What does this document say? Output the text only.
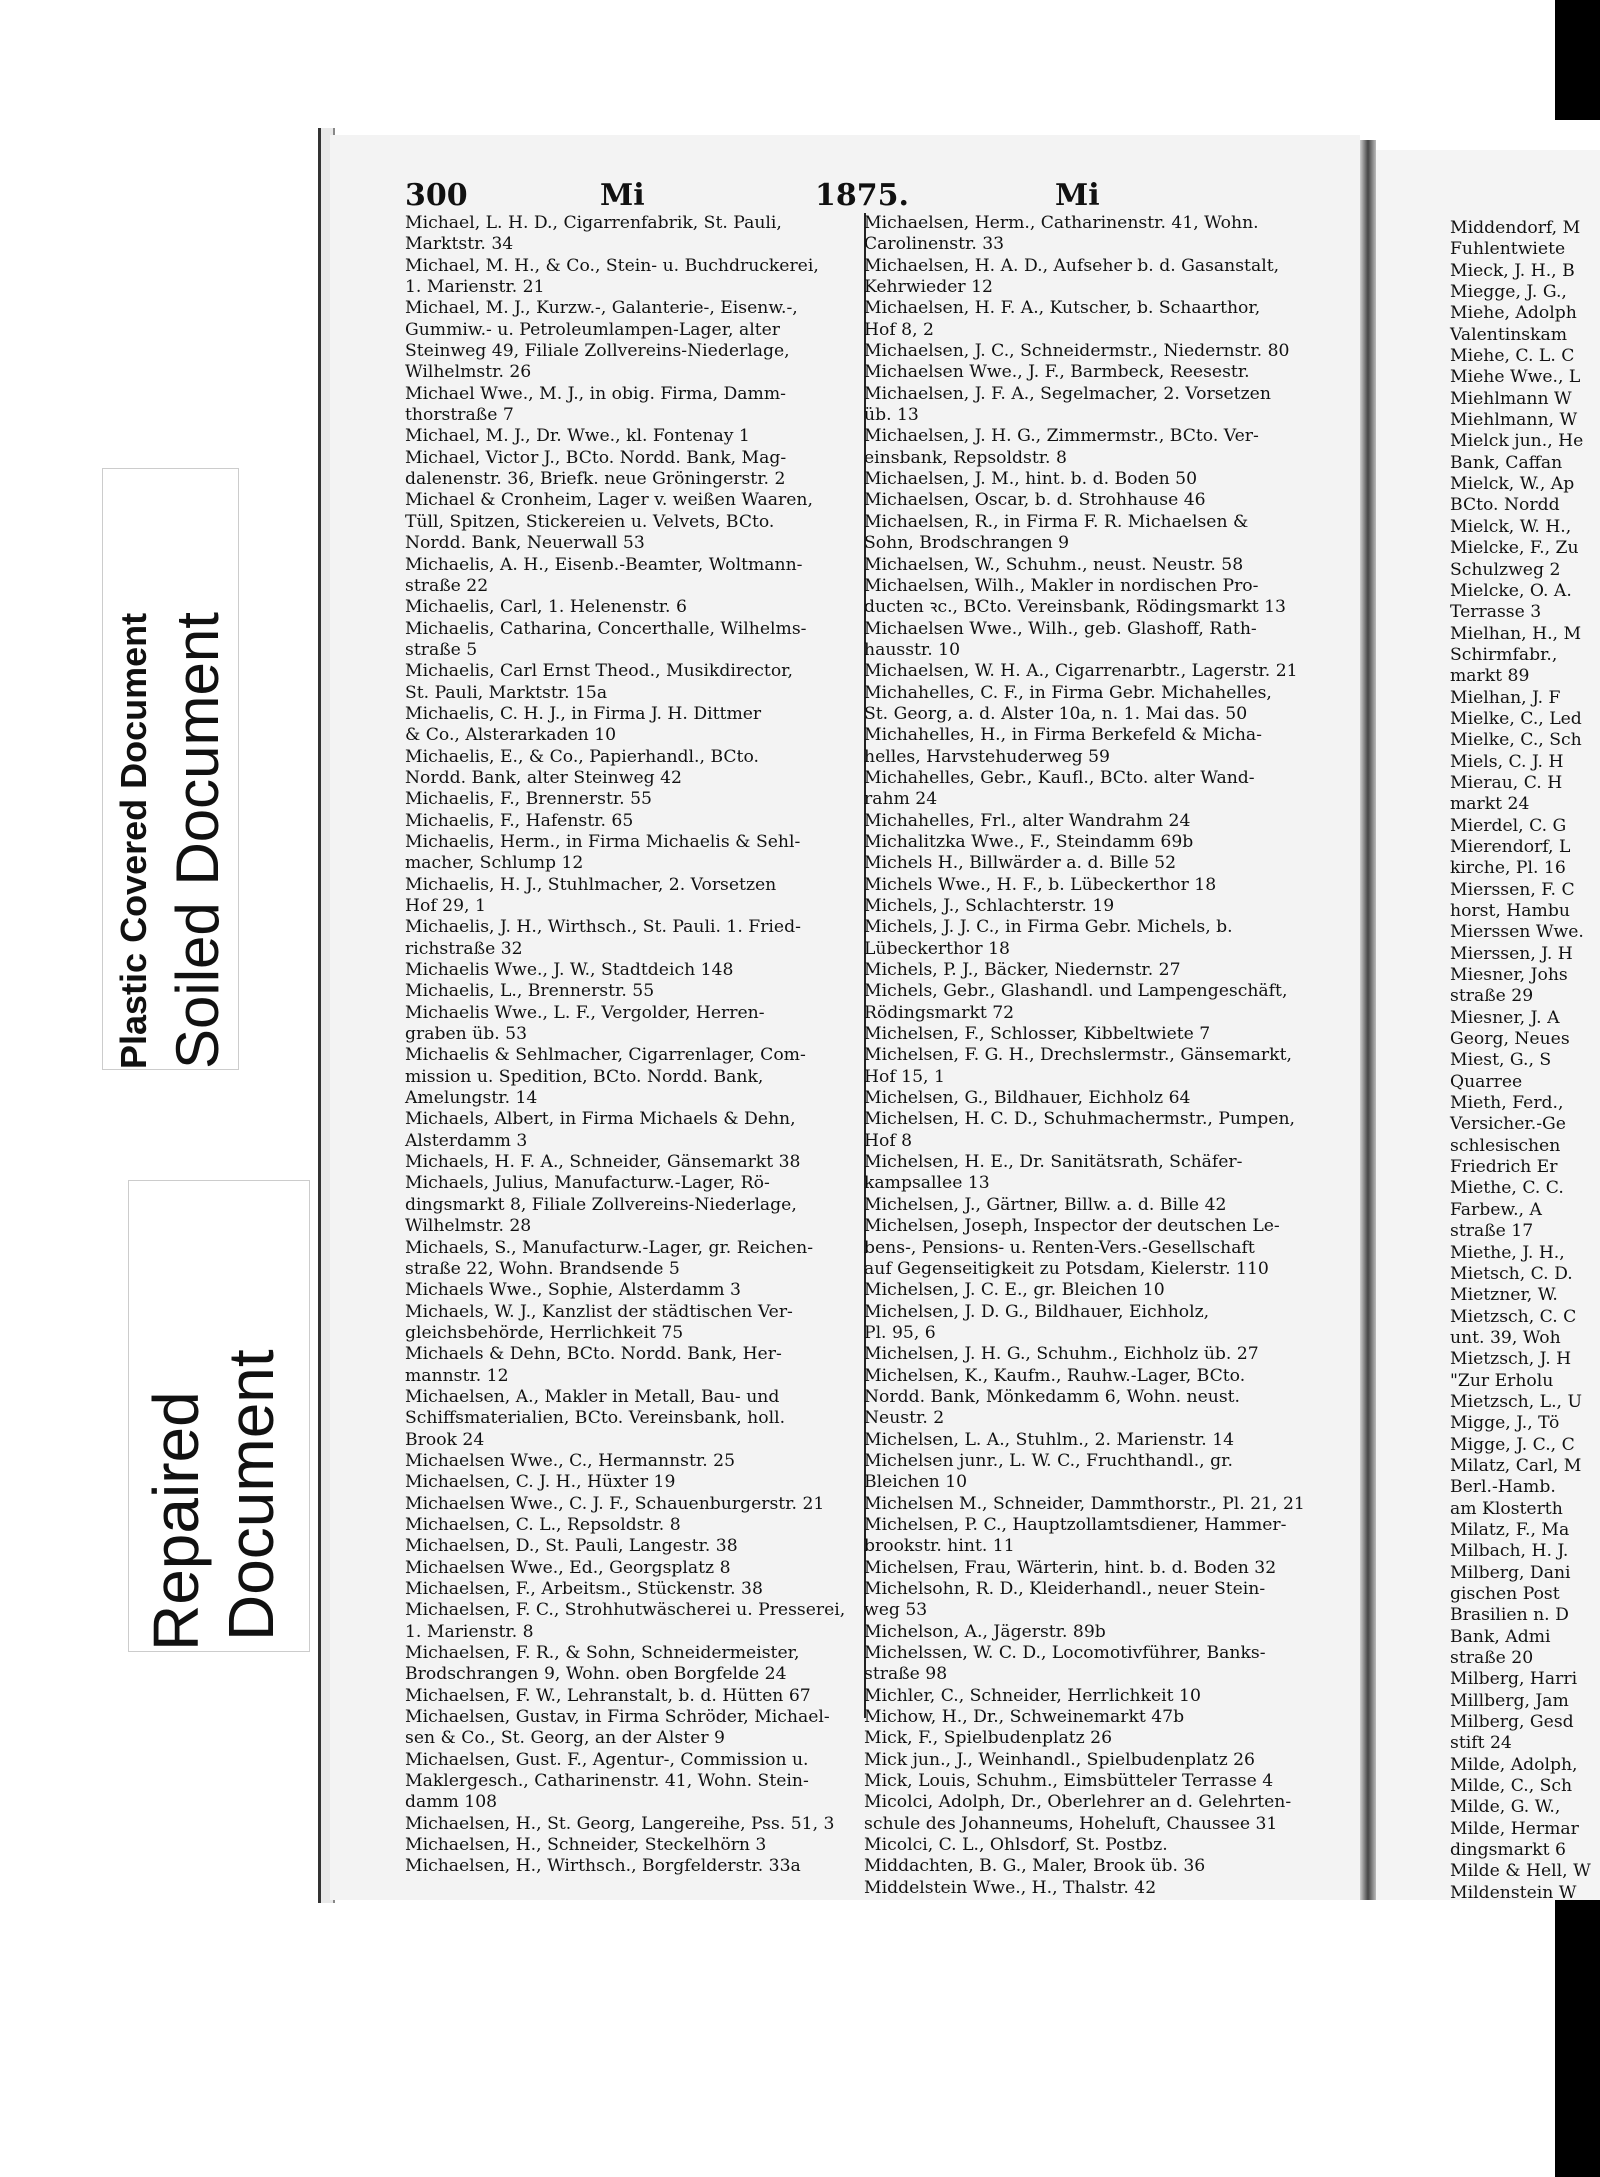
300	Mi	1875.	Mi
Michael, L. H. D., Cigarrenfabrik, St. Pauli,
Marktstr. 34
Michael, M. H., & Co., Stein- u. Buchdruckerei,
1. Marienstr. 21
Michael, M. J., Kurzw.-, Galanterie-, Eisenw.-,
Gummiw.- u. Petroleumlampen-Lager, alter
Steinweg 49, Filiale Zollvereins-Niederlage,
Wilhelmstr. 26
Michael Wwe., M. J., in obig. Firma, Damm-
thorstraße 7
Michael, M. J., Dr. Wwe., kl. Fontenay 1
Michael, Victor J., BCto. Nordd. Bank, Mag-
dalenenstr. 36, Briefk. neue Gröningerstr. 2
Michael & Cronheim, Lager v. weißen Waaren,
Tüll, Spitzen, Stickereien u. Velvets, BCto.
Nordd. Bank, Neuerwall 53
Michaelis, A. H., Eisenb.-Beamter, Woltmann-
straße 22
Michaelis, Carl, 1. Helenenstr. 6
Michaelis, Catharina, Concerthalle, Wilhelms-
straße 5
Michaelis, Carl Ernst Theod., Musikdirector,
St. Pauli, Marktstr. 15a
Michaelis, C. H. J., in Firma J. H. Dittmer
& Co., Alsterarkaden 10
Michaelis, E., & Co., Papierhandl., BCto.
Nordd. Bank, alter Steinweg 42
Michaelis, F., Brennerstr. 55
Michaelis, F., Hafenstr. 65
Michaelis, Herm., in Firma Michaelis & Sehl-
macher, Schlump 12
Michaelis, H. J., Stuhlmacher, 2. Vorsetzen
Hof 29, 1
Michaelis, J. H., Wirthsch., St. Pauli. 1. Fried-
richstraße 32
Michaelis Wwe., J. W., Stadtdeich 148
Michaelis, L., Brennerstr. 55
Michaelis Wwe., L. F., Vergolder, Herren-
graben üb. 53
Michaelis & Sehlmacher, Cigarrenlager, Com-
mission u. Spedition, BCto. Nordd. Bank,
Amelungstr. 14
Michaels, Albert, in Firma Michaels & Dehn,
Alsterdamm 3
Michaels, H. F. A., Schneider, Gänsemarkt 38
Michaels, Julius, Manufacturw.-Lager, Rö-
dingsmarkt 8, Filiale Zollvereins-Niederlage,
Wilhelmstr. 28
Michaels, S., Manufacturw.-Lager, gr. Reichen-
straße 22, Wohn. Brandsende 5
Michaels Wwe., Sophie, Alsterdamm 3
Michaels, W. J., Kanzlist der städtischen Ver-
gleichsbehörde, Herrlichkeit 75
Michaels & Dehn, BCto. Nordd. Bank, Her-
mannstr. 12
Michaelsen, A., Makler in Metall, Bau- und
Schiffsmaterialien, BCto. Vereinsbank, holl.
Brook 24
Michaelsen Wwe., C., Hermannstr. 25
Michaelsen, C. J. H., Hüxter 19
Michaelsen Wwe., C. J. F., Schauenburgerstr. 21
Michaelsen, C. L., Repsoldstr. 8
Michaelsen, D., St. Pauli, Langestr. 38
Michaelsen Wwe., Ed., Georgsplatz 8
Michaelsen, F., Arbeitsm., Stückenstr. 38
Michaelsen, F. C., Strohhutwäscherei u. Presserei,
1. Marienstr. 8
Michaelsen, F. R., & Sohn, Schneidermeister,
Brodschrangen 9, Wohn. oben Borgfelde 24
Michaelsen, F. W., Lehranstalt, b. d. Hütten 67
Michaelsen, Gustav, in Firma Schröder, Michael-
sen & Co., St. Georg, an der Alster 9
Michaelsen, Gust. F., Agentur-, Commission u.
Maklergesch., Catharinenstr. 41, Wohn. Stein-
damm 108
Michaelsen, H., St. Georg, Langereihe, Pss. 51, 3
Michaelsen, H., Schneider, Steckelhörn 3
Michaelsen, H., Wirthsch., Borgfelderstr. 33a
Michaelsen, Herm., Catharinenstr. 41, Wohn.
Carolinenstr. 33
Michaelsen, H. A. D., Aufseher b. d. Gasanstalt,
Kehrwieder 12
Michaelsen, H. F. A., Kutscher, b. Schaarthor,
Hof 8, 2
Michaelsen, J. C., Schneidermstr., Niedernstr. 80
Michaelsen Wwe., J. F., Barmbeck, Reesestr.
Michaelsen, J. F. A., Segelmacher, 2. Vorsetzen
üb. 13
Michaelsen, J. H. G., Zimmermstr., BCto. Ver-
einsbank, Repsoldstr. 8
Michaelsen, J. M., hint. b. d. Boden 50
Michaelsen, Oscar, b. d. Strohhause 46
Michaelsen, R., in Firma F. R. Michaelsen &
Sohn, Brodschrangen 9
Michaelsen, W., Schuhm., neust. Neustr. 58
Michaelsen, Wilh., Makler in nordischen Pro-
ducten ꝛc., BCto. Vereinsbank, Rödingsmarkt 13
Michaelsen Wwe., Wilh., geb. Glashoff, Rath-
hausstr. 10
Michaelsen, W. H. A., Cigarrenarbtr., Lagerstr. 21
Michahelles, C. F., in Firma Gebr. Michahelles,
St. Georg, a. d. Alster 10a, n. 1. Mai das. 50
Michahelles, H., in Firma Berkefeld & Micha-
helles, Harvstehuderweg 59
Michahelles, Gebr., Kaufl., BCto. alter Wand-
rahm 24
Michahelles, Frl., alter Wandrahm 24
Michalitzka Wwe., F., Steindamm 69b
Michels H., Billwärder a. d. Bille 52
Michels Wwe., H. F., b. Lübeckerthor 18
Michels, J., Schlachterstr. 19
Michels, J. J. C., in Firma Gebr. Michels, b.
Lübeckerthor 18
Michels, P. J., Bäcker, Niedernstr. 27
Michels, Gebr., Glashandl. und Lampengeschäft,
Rödingsmarkt 72
Michelsen, F., Schlosser, Kibbeltwiete 7
Michelsen, F. G. H., Drechslermstr., Gänsemarkt,
Hof 15, 1
Michelsen, G., Bildhauer, Eichholz 64
Michelsen, H. C. D., Schuhmachermstr., Pumpen,
Hof 8
Michelsen, H. E., Dr. Sanitätsrath, Schäfer-
kampsallee 13
Michelsen, J., Gärtner, Billw. a. d. Bille 42
Michelsen, Joseph, Inspector der deutschen Le-
bens-, Pensions- u. Renten-Vers.-Gesellschaft
auf Gegenseitigkeit zu Potsdam, Kielerstr. 110
Michelsen, J. C. E., gr. Bleichen 10
Michelsen, J. D. G., Bildhauer, Eichholz,
Pl. 95, 6
Michelsen, J. H. G., Schuhm., Eichholz üb. 27
Michelsen, K., Kaufm., Rauhw.-Lager, BCto.
Nordd. Bank, Mönkedamm 6, Wohn. neust.
Neustr. 2
Michelsen, L. A., Stuhlm., 2. Marienstr. 14
Michelsen junr., L. W. C., Fruchthandl., gr.
Bleichen 10
Michelsen M., Schneider, Dammthorstr., Pl. 21, 21
Michelsen, P. C., Hauptzollamtsdiener, Hammer-
brookstr. hint. 11
Michelsen, Frau, Wärterin, hint. b. d. Boden 32
Michelsohn, R. D., Kleiderhandl., neuer Stein-
weg 53
Michelson, A., Jägerstr. 89b
Michelssen, W. C. D., Locomotivführer, Banks-
straße 98
Michler, C., Schneider, Herrlichkeit 10
Michow, H., Dr., Schweinemarkt 47b
Mick, F., Spielbudenplatz 26
Mick jun., J., Weinhandl., Spielbudenplatz 26
Mick, Louis, Schuhm., Eimsbütteler Terrasse 4
Micolci, Adolph, Dr., Oberlehrer an d. Gelehrten-
schule des Johanneums, Hoheluft, Chaussee 31
Micolci, C. L., Ohlsdorf, St. Postbz.
Middachten, B. G., Maler, Brook üb. 36
Middelstein Wwe., H., Thalstr. 42
Middendorf, M
Fuhlentwiete
Mieck, J. H., B
Miegge, J. G.,
Miehe, Adolph
Valentinskam
Miehe, C. L. C
Miehe Wwe., L
Miehlmann W
Miehlmann, W
Mielck jun., He
Bank, Caffan
Mielck, W., Ap
BCto. Nordd
Mielck, W. H.,
Mielcke, F., Zu
Schulzweg 2
Mielcke, O. A.
Terrasse 3
Mielhan, H., M
Schirmfabr.,
markt 89
Mielhan, J. F
Mielke, C., Led
Mielke, C., Sch
Miels, C. J. H
Mierau, C. H
markt 24
Mierdel, C. G
Mierendorf, L
kirche, Pl. 16
Mierssen, F. C
horst, Hambu
Mierssen Wwe.
Mierssen, J. H
Miesner, Johs
straße 29
Miesner, J. A
Georg, Neues
Miest, G., S
Quarree
Mieth, Ferd.,
Versicher.-Ge
schlesischen
Friedrich Er
Miethe, C. C.
Farbew., A
straße 17
Miethe, J. H.,
Mietsch, C. D.
Mietzner, W.
Mietzsch, C. C
unt. 39, Woh
Mietzsch, J. H
"Zur Erholu
Mietzsch, L., U
Migge, J., Tö
Migge, J. C., C
Milatz, Carl, M
Berl.-Hamb.
am Klosterth
Milatz, F., Ma
Milbach, H. J.
Milberg, Dani
gischen Post
Brasilien n. D
Bank, Admi
straße 20
Milberg, Harri
Millberg, Jam
Milberg, Gesd
stift 24
Milde, Adolph,
Milde, C., Sch
Milde, G. W.,
Milde, Hermar
dingsmarkt 6
Milde & Hell, W
Mildenstein W
Plastic Covered Document Soiled Document
Repaired Document
